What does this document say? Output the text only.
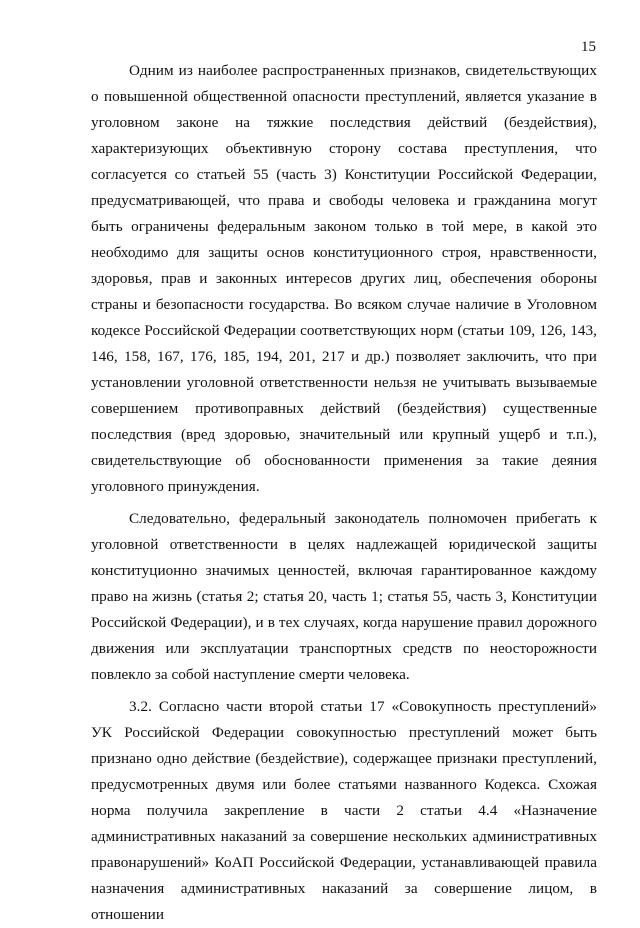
15

Одним из наиболее распространенных признаков, свидетельствующих о повышенной общественной опасности преступлений, является указание в уголовном законе на тяжкие последствия действий (бездействия), характеризующих объективную сторону состава преступления, что согласуется со статьей 55 (часть 3) Конституции Российской Федерации, предусматривающей, что права и свободы человека и гражданина могут быть ограничены федеральным законом только в той мере, в какой это необходимо для защиты основ конституционного строя, нравственности, здоровья, прав и законных интересов других лиц, обеспечения обороны страны и безопасности государства. Во всяком случае наличие в Уголовном кодексе Российской Федерации соответствующих норм (статьи 109, 126, 143, 146, 158, 167, 176, 185, 194, 201, 217 и др.) позволяет заключить, что при установлении уголовной ответственности нельзя не учитывать вызываемые совершением противоправных действий (бездействия) существенные последствия (вред здоровью, значительный или крупный ущерб и т.п.), свидетельствующие об обоснованности применения за такие деяния уголовного принуждения.

Следовательно, федеральный законодатель полномочен прибегать к уголовной ответственности в целях надлежащей юридической защиты конституционно значимых ценностей, включая гарантированное каждому право на жизнь (статья 2; статья 20, часть 1; статья 55, часть 3, Конституции Российской Федерации), и в тех случаях, когда нарушение правил дорожного движения или эксплуатации транспортных средств по неосторожности повлекло за собой наступление смерти человека.

3.2. Согласно части второй статьи 17 «Совокупность преступлений» УК Российской Федерации совокупностью преступлений может быть признано одно действие (бездействие), содержащее признаки преступлений, предусмотренных двумя или более статьями названного Кодекса. Схожая норма получила закрепление в части 2 статьи 4.4 «Назначение административных наказаний за совершение нескольких административных правонарушений» КоАП Российской Федерации, устанавливающей правила назначения административных наказаний за совершение лицом, в отношении
